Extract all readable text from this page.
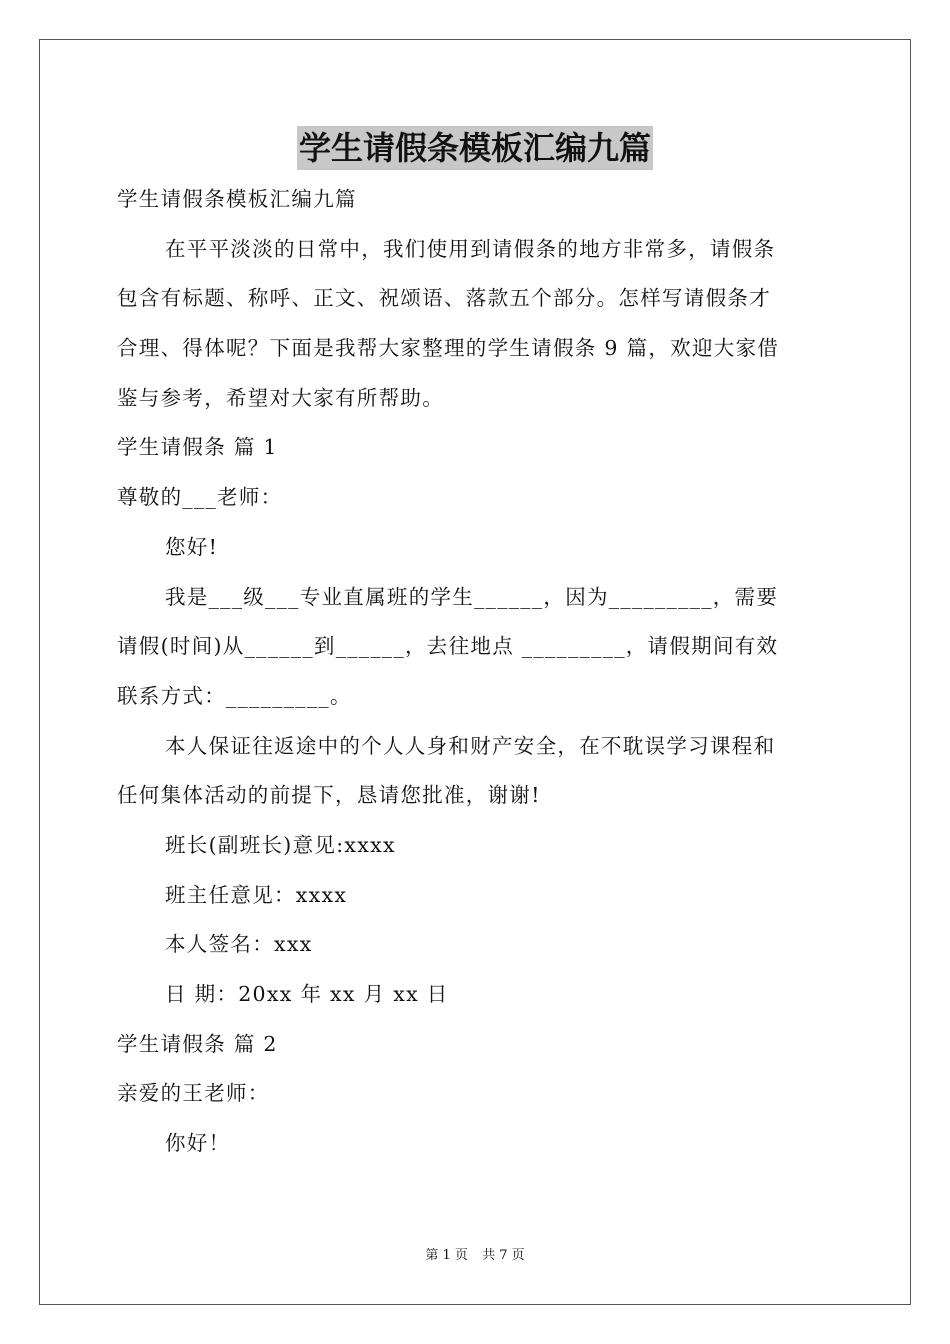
学生请假条模板汇编九篇
学生请假条模板汇编九篇
在平平淡淡的日常中，我们使用到请假条的地方非常多，请假条
包含有标题、称呼、正文、祝颂语、落款五个部分。怎样写请假条才
合理、得体呢？下面是我帮大家整理的学生请假条 9 篇，欢迎大家借
鉴与参考，希望对大家有所帮助。
学生请假条 篇 1
尊敬的___老师：
您好!
我是___级___专业直属班的学生______，因为_________，需要
请假(时间)从______到______，去往地点 _________，请假期间有效
联系方式：_________。
本人保证往返途中的个人人身和财产安全，在不耽误学习课程和
任何集体活动的前提下，恳请您批准，谢谢!
班长(副班长)意见:xxxx
班主任意见：xxxx
本人签名：xxx
日 期：20xx 年 xx 月 xx 日
学生请假条 篇 2
亲爱的王老师：
你好！
第 1 页 共 7 页
